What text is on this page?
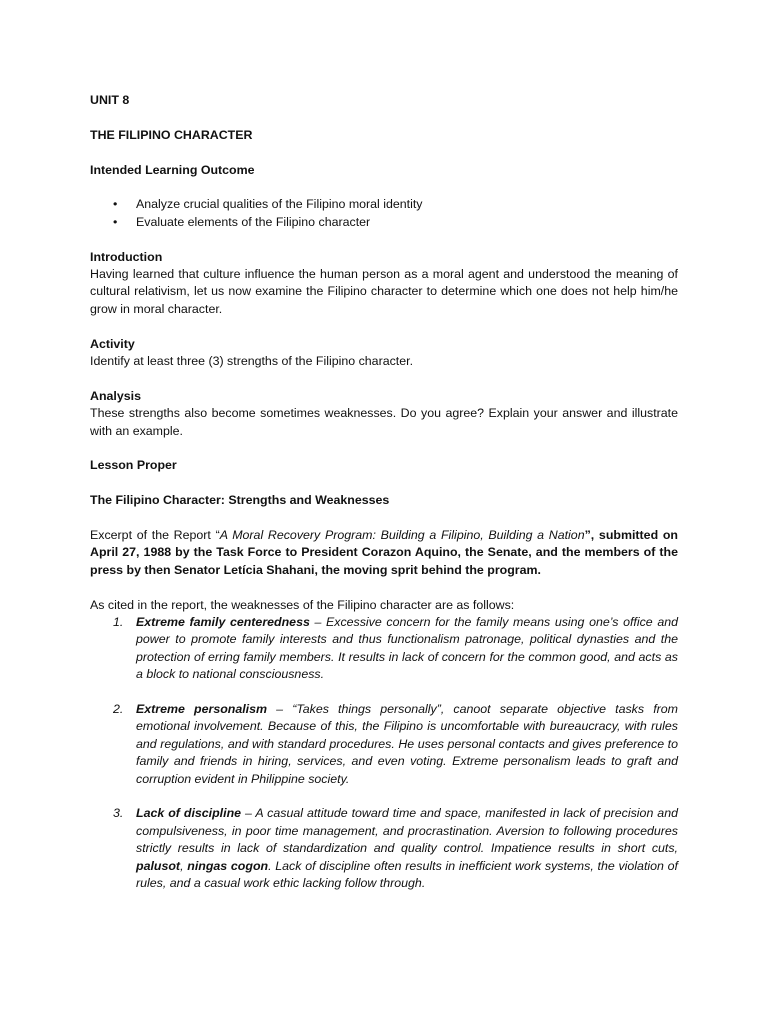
UNIT 8

THE FILIPINO CHARACTER

Intended Learning Outcome

• Analyze crucial qualities of the Filipino moral identity
• Evaluate elements of the Filipino character

Introduction

Having learned that culture influence the human person as a moral agent and understood the meaning of cultural relativism, let us now examine the Filipino character to determine which one does not help him/he grow in moral character.

Activity

Identify at least three (3) strengths of the Filipino character.

Analysis

These strengths also become sometimes weaknesses. Do you agree? Explain your answer and illustrate with an example.

Lesson Proper

The Filipino Character: Strengths and Weaknesses

Excerpt of the Report “A Moral Recovery Program: Building a Filipino, Building a Nation”, submitted on April 27, 1988 by the Task Force to President Corazon Aquino, the Senate, and the members of the press by then Senator Letícia Shahani, the moving sprit behind the program.

As cited in the report, the weaknesses of the Filipino character are as follows:

1. Extreme family centeredness – Excessive concern for the family means using one’s office and power to promote family interests and thus functionalism patronage, political dynasties and the protection of erring family members. It results in lack of concern for the common good, and acts as a block to national consciousness.
2. Extreme personalism – “Takes things personally”, canoot separate objective tasks from emotional involvement. Because of this, the Filipino is uncomfortable with bureaucracy, with rules and regulations, and with standard procedures. He uses personal contacts and gives preference to family and friends in hiring, services, and even voting. Extreme personalism leads to graft and corruption evident in Philippine society.
3. Lack of discipline – A casual attitude toward time and space, manifested in lack of precision and compulsiveness, in poor time management, and procrastination. Aversion to following procedures strictly results in lack of standardization and quality control. Impatience results in short cuts, palusot, ningas cogon. Lack of discipline often results in inefficient work systems, the violation of rules, and a casual work ethic lacking follow through.
